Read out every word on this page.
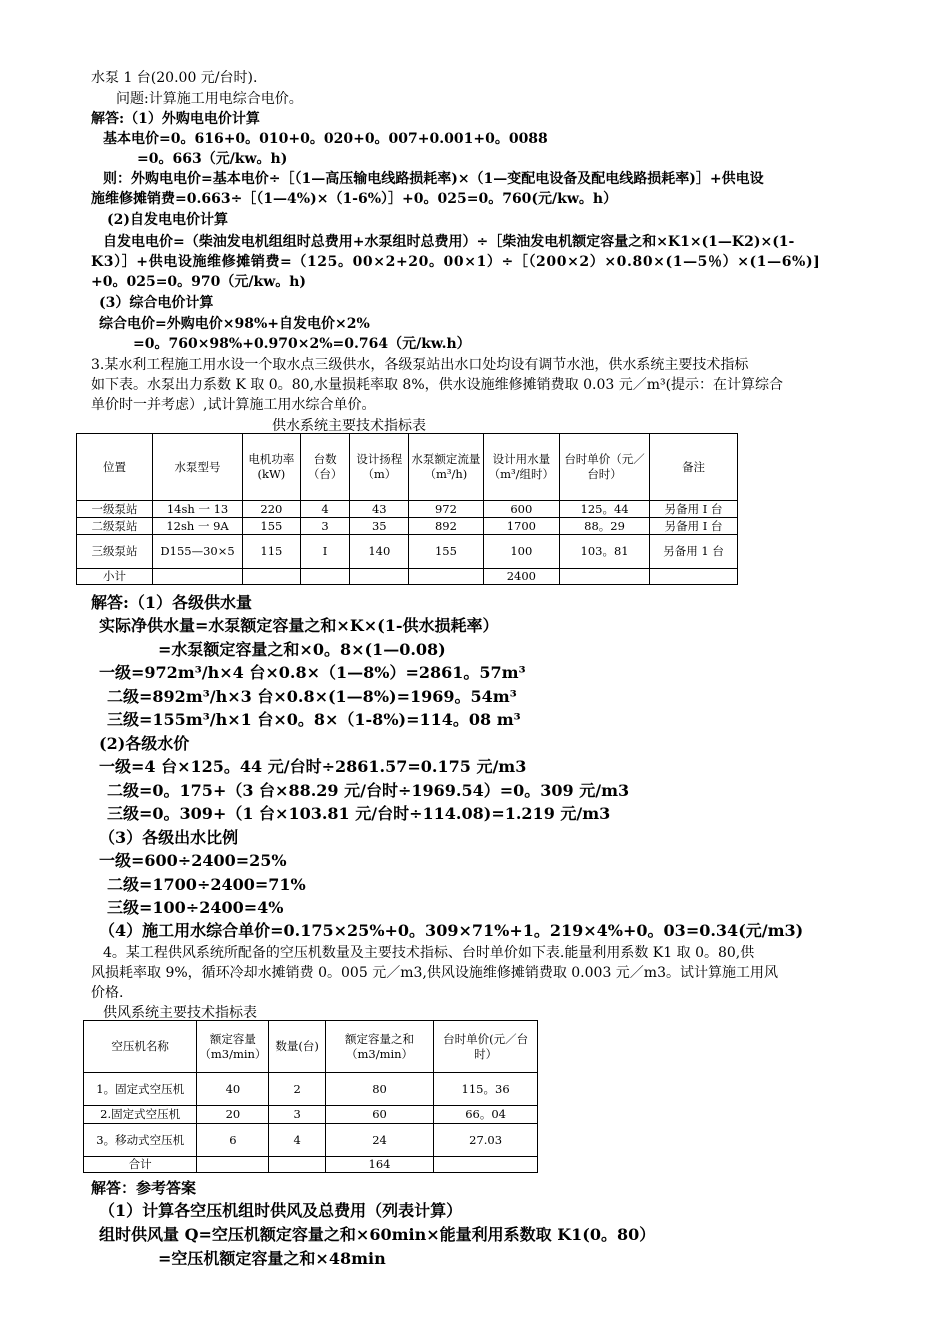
水泵 1 台(20.00 元/台时).
问题:计算施工用电综合电价。
解答:（1）外购电电价计算
基本电价=0。616+0。010+0。020+0。007+0.001+0。0088
=0。663（元/kw。h)
则：外购电电价=基本电价÷［（1—高压输电线路损耗率)×（1—变配电设备及配电线路损耗率)］+供电设
施维修摊销费=0.663÷［（1—4%)×（1-6%）］+0。025=0。760(元/kw。h）
(2)自发电电价计算
自发电电价=（柴油发电机组组时总费用+水泵组时总费用）÷［柴油发电机额定容量之和×K1×(1—K2)×(1-
K3）］+供电设施维修摊销费=（125。00×2+20。00×1）÷［（200×2）×0.80×(1—5％）×(1—6%)]
+0。025=0。970（元/kw。h)
(3）综合电价计算
综合电价=外购电价×98%+自发电价×2%
=0。760×98%+0.970×2%=0.764（元/kw.h）
3.某水利工程施工用水设一个取水点三级供水，各级泵站出水口处均设有调节水池，供水系统主要技术指标
如下表。水泵出力系数 K 取 0。80,水量损耗率取 8%，供水设施维修摊销费取 0.03 元／m³(提示：在计算综合
单价时一并考虑）,试计算施工用水综合单价。
供水系统主要技术指标表
位置	水泵型号	电机功率(kW)	台数（台）	设计扬程（m）	水泵额定流量（m³/h)	设计用水量（m³/组时）	台时单价（元／台时）	备注
一级泵站	14sh 一 13	220	4	43	972	600	125。44	另备用 I 台
二级泵站	12sh 一 9A	155	3	35	892	1700	88。29	另备用 I 台
三级泵站	D155—30×5	115	I	140	155	100	103。81	另备用 1 台
小计						2400		
解答:（1）各级供水量
实际净供水量=水泵额定容量之和×K×(1-供水损耗率）
=水泵额定容量之和×0。8×(1—0.08)
一级=972m³/h×4 台×0.8×（1—8%）=2861。57m³
二级=892m³/h×3 台×0.8×(1—8%)=1969。54m³
三级=155m³/h×1 台×0。8×（1-8%)=114。08 m³
(2)各级水价
一级=4 台×125。44 元/台时÷2861.57=0.175 元/m3
二级=0。175+（3 台×88.29 元/台时÷1969.54）=0。309 元/m3
三级=0。309+（1 台×103.81 元/台时÷114.08)=1.219 元/m3
（3）各级出水比例
一级=600÷2400=25%
二级=1700÷2400=71%
三级=100÷2400=4%
（4）施工用水综合单价=0.175×25%+0。309×71%+1。219×4%+0。03=0.34(元/m3)
4。某工程供风系统所配备的空压机数量及主要技术指标、台时单价如下表.能量利用系数 K1 取 0。80,供
风损耗率取 9%，循环冷却水摊销费 0。005 元／m3,供风设施维修摊销费取 0.003 元／m3。试计算施工用风
价格.
供风系统主要技术指标表
空压机名称	额定容量（m3/min）	数量(台)	额定容量之和（m3/min）	台时单价(元／台时）
1。固定式空压机	40	2	80	115。36
2.固定式空压机	20	3	60	66。04
3。移动式空压机	6	4	24	27.03
合计			164	
解答：参考答案
（1）计算各空压机组时供风及总费用（列表计算）
组时供风量 Q=空压机额定容量之和×60min×能量利用系数取 K1(0。80）
=空压机额定容量之和×48min
